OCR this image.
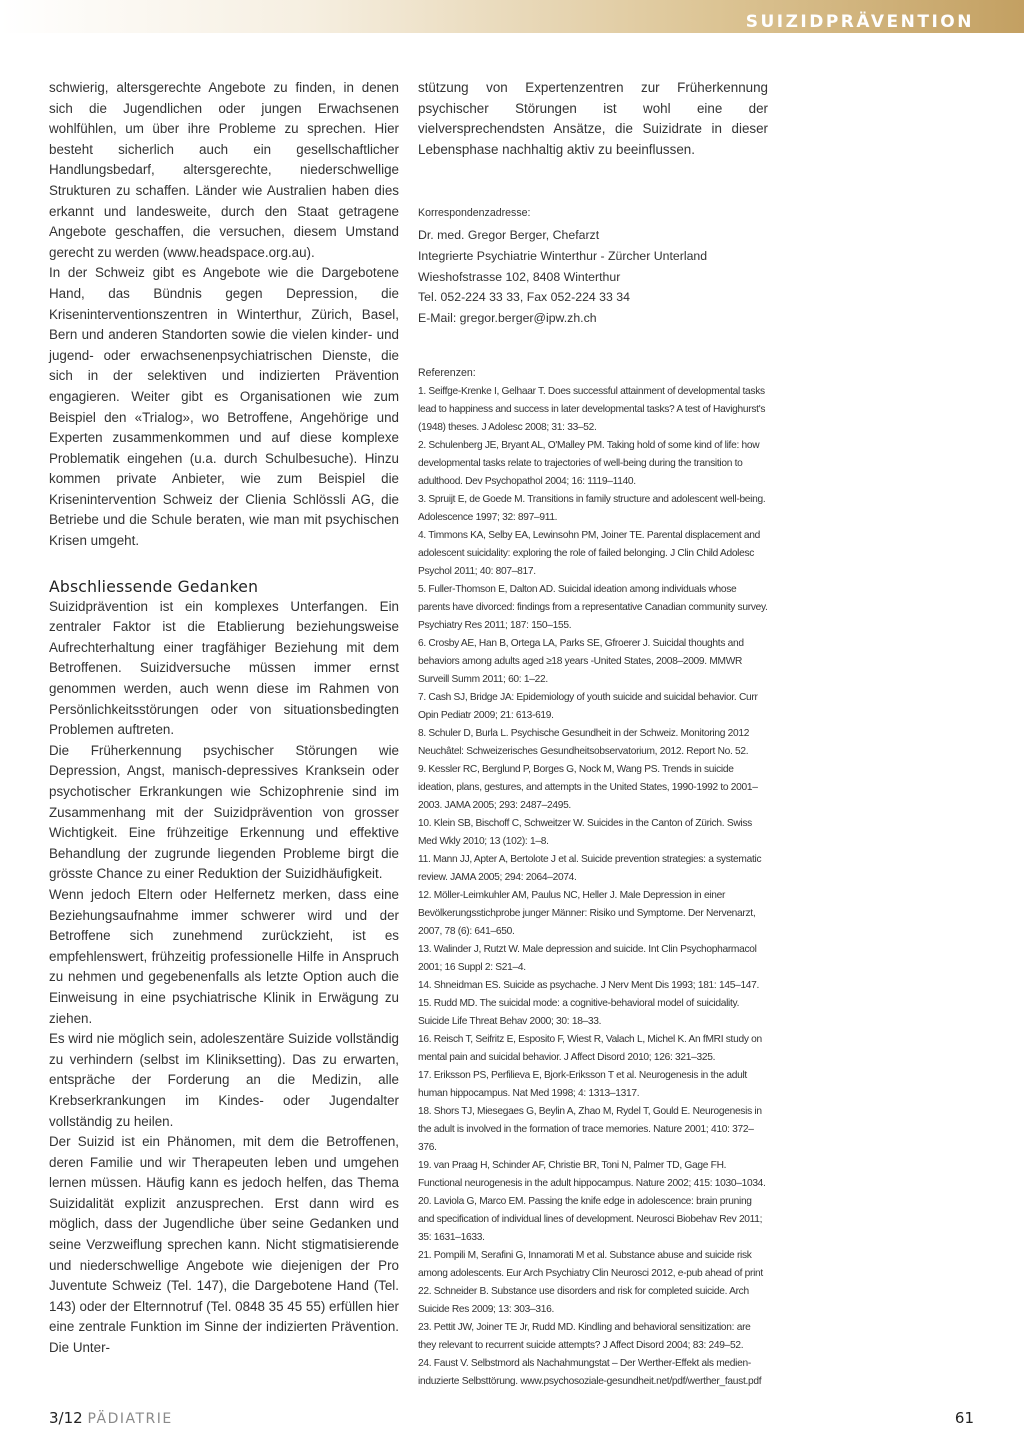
SUIZIDPRÄVENTION

schwierig, altersgerechte Angebote zu finden, in denen sich die Jugendlichen oder jungen Erwachsenen wohlfühlen, um über ihre Probleme zu sprechen. Hier besteht sicherlich auch ein gesellschaftlicher Handlungsbedarf, altersgerechte, niederschwellige Strukturen zu schaffen. Länder wie Australien haben dies erkannt und landesweite, durch den Staat getragene Angebote geschaffen, die versuchen, diesem Umstand gerecht zu werden (www.headspace.org.au).

In der Schweiz gibt es Angebote wie die Dargebotene Hand, das Bündnis gegen Depression, die Kriseninterventionszentren in Winterthur, Zürich, Basel, Bern und anderen Standorten sowie die vielen kinder- und jugend- oder erwachsenenpsychiatrischen Dienste, die sich in der selektiven und indizierten Prävention engagieren. Weiter gibt es Organisationen wie zum Beispiel den «Trialog», wo Betroffene, Angehörige und Experten zusammenkommen und auf diese komplexe Problematik eingehen (u.a. durch Schulbesuche). Hinzu kommen private Anbieter, wie zum Beispiel die Krisenintervention Schweiz der Clienia Schlössli AG, die Betriebe und die Schule beraten, wie man mit psychischen Krisen umgeht.

Abschliessende Gedanken

Suizidprävention ist ein komplexes Unterfangen. Ein zentraler Faktor ist die Etablierung beziehungsweise Aufrechterhaltung einer tragfähiger Beziehung mit dem Betroffenen. Suizidversuche müssen immer ernst genommen werden, auch wenn diese im Rahmen von Persönlichkeitsstörungen oder von situationsbedingten Problemen auftreten.

Die Früherkennung psychischer Störungen wie Depression, Angst, manisch-depressives Kranksein oder psychotischer Erkrankungen wie Schizophrenie sind im Zusammenhang mit der Suizidprävention von grosser Wichtigkeit. Eine frühzeitige Erkennung und effektive Behandlung der zugrunde liegenden Probleme birgt die grösste Chance zu einer Reduktion der Suizidhäufigkeit.

Wenn jedoch Eltern oder Helfernetz merken, dass eine Beziehungsaufnahme immer schwerer wird und der Betroffene sich zunehmend zurückzieht, ist es empfehlenswert, frühzeitig professionelle Hilfe in Anspruch zu nehmen und gegebenenfalls als letzte Option auch die Einweisung in eine psychiatrische Klinik in Erwägung zu ziehen.

Es wird nie möglich sein, adoleszentäre Suizide vollständig zu verhindern (selbst im Kliniksetting). Das zu erwarten, entspräche der Forderung an die Medizin, alle Krebserkrankungen im Kindes- oder Jugendalter vollständig zu heilen.

Der Suizid ist ein Phänomen, mit dem die Betroffenen, deren Familie und wir Therapeuten leben und umgehen lernen müssen. Häufig kann es jedoch helfen, das Thema Suizidalität explizit anzusprechen. Erst dann wird es möglich, dass der Jugendliche über seine Gedanken und seine Verzweiflung sprechen kann. Nicht stigmatisierende und niederschwellige Angebote wie diejenigen der Pro Juventute Schweiz (Tel. 147), die Dargebotene Hand (Tel. 143) oder der Elternnotruf (Tel. 0848 35 45 55) erfüllen hier eine zentrale Funktion im Sinne der indizierten Prävention. Die Unter-

stützung von Expertenzentren zur Früherkennung psychischer Störungen ist wohl eine der vielversprechendsten Ansätze, die Suizidrate in dieser Lebensphase nachhaltig aktiv zu beeinflussen.

Korrespondenzadresse:
Dr. med. Gregor Berger, Chefarzt
Integrierte Psychiatrie Winterthur - Zürcher Unterland
Wieshofstrasse 102, 8408 Winterthur
Tel. 052-224 33 33, Fax 052-224 33 34
E-Mail: gregor.berger@ipw.zh.ch
Referenzen:
1. Seiffge-Krenke I, Gelhaar T. Does successful attainment of developmental tasks lead to happiness and success in later developmental tasks? A test of Havighurst's (1948) theses. J Adolesc 2008; 31: 33–52.
2. Schulenberg JE, Bryant AL, O'Malley PM. Taking hold of some kind of life: how developmental tasks relate to trajectories of well-being during the transition to adulthood. Dev Psychopathol 2004; 16: 1119–1140.
3. Spruijt E, de Goede M. Transitions in family structure and adolescent well-being. Adolescence 1997; 32: 897–911.
4. Timmons KA, Selby EA, Lewinsohn PM, Joiner TE. Parental displacement and adolescent suicidality: exploring the role of failed belonging. J Clin Child Adolesc Psychol 2011; 40: 807–817.
5. Fuller-Thomson E, Dalton AD. Suicidal ideation among individuals whose parents have divorced: findings from a representative Canadian community survey. Psychiatry Res 2011; 187: 150–155.
6. Crosby AE, Han B, Ortega LA, Parks SE, Gfroerer J. Suicidal thoughts and behaviors among adults aged ≥18 years -United States, 2008–2009. MMWR Surveill Summ 2011; 60: 1–22.
7. Cash SJ, Bridge JA: Epidemiology of youth suicide and suicidal behavior. Curr Opin Pediatr 2009; 21: 613-619.
8. Schuler D, Burla L. Psychische Gesundheit in der Schweiz. Monitoring 2012 Neuchâtel: Schweizerisches Gesundheitsobservatorium, 2012. Report No. 52.
9. Kessler RC, Berglund P, Borges G, Nock M, Wang PS. Trends in suicide ideation, plans, gestures, and attempts in the United States, 1990-1992 to 2001–2003. JAMA 2005; 293: 2487–2495.
10. Klein SB, Bischoff C, Schweitzer W. Suicides in the Canton of Zürich. Swiss Med Wkly 2010; 13 (102): 1–8.
11. Mann JJ, Apter A, Bertolote J et al. Suicide prevention strategies: a systematic review. JAMA 2005; 294: 2064–2074.
12. Möller-Leimkuhler AM, Paulus NC, Heller J. Male Depression in einer Bevölkerungsstichprobe junger Männer: Risiko und Symptome. Der Nervenarzt, 2007, 78 (6): 641–650.
13. Walinder J, Rutzt W. Male depression and suicide. Int Clin Psychopharmacol 2001; 16 Suppl 2: S21–4.
14. Shneidman ES. Suicide as psychache. J Nerv Ment Dis 1993; 181: 145–147.
15. Rudd MD. The suicidal mode: a cognitive-behavioral model of suicidality. Suicide Life Threat Behav 2000; 30: 18–33.
16. Reisch T, Seifritz E, Esposito F, Wiest R, Valach L, Michel K. An fMRI study on mental pain and suicidal behavior. J Affect Disord 2010; 126: 321–325.
17. Eriksson PS, Perfilieva E, Bjork-Eriksson T et al. Neurogenesis in the adult human hippocampus. Nat Med 1998; 4: 1313–1317.
18. Shors TJ, Miesegaes G, Beylin A, Zhao M, Rydel T, Gould E. Neurogenesis in the adult is involved in the formation of trace memories. Nature 2001; 410: 372–376.
19. van Praag H, Schinder AF, Christie BR, Toni N, Palmer TD, Gage FH. Functional neurogenesis in the adult hippocampus. Nature 2002; 415: 1030–1034.
20. Laviola G, Marco EM. Passing the knife edge in adolescence: brain pruning and specification of individual lines of development. Neurosci Biobehav Rev 2011; 35: 1631–1633.
21. Pompili M, Serafini G, Innamorati M et al. Substance abuse and suicide risk among adolescents. Eur Arch Psychiatry Clin Neurosci 2012, e-pub ahead of print
22. Schneider B. Substance use disorders and risk for completed suicide. Arch Suicide Res 2009; 13: 303–316.
23. Pettit JW, Joiner TE Jr, Rudd MD. Kindling and behavioral sensitization: are they relevant to recurrent suicide attempts? J Affect Disord 2004; 83: 249–52.
24. Faust V. Selbstmord als Nachahmungstat – Der Werther-Effekt als medien-induzierte Selbsttörung. www.psychosoziale-gesundheit.net/pdf/werther_faust.pdf
3/12 PÄDIATRIE	61
